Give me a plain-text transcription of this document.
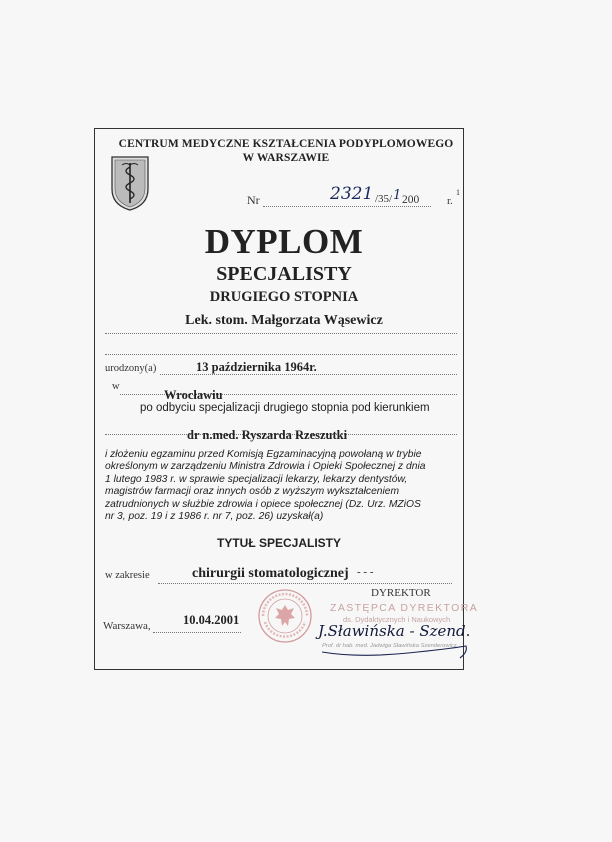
CENTRUM MEDYCZNE KSZTAŁCENIA PODYPLOMOWEGO
W WARSZAWIE
Nr	2321 /35/ 1 200	r.
1
DYPLOM
SPECJALISTY
DRUGIEGO STOPNIA
Lek. stom. Małgorzata Wąsewicz
urodzony(a)	13 października 1964r.
w
Wrocławiu
po odbyciu specjalizacji drugiego stopnia pod kierunkiem
dr n.med. Ryszarda Rzeszutki
i złożeniu egzaminu przed Komisją Egzaminacyjną powołaną w trybie
określonym w zarządzeniu Ministra Zdrowia i Opieki Społecznej z dnia
1 lutego 1983 r. w sprawie specjalizacji lekarzy, lekarzy dentystów,
magistrów farmacji oraz innych osób z wyższym wykształceniem
zatrudnionych w służbie zdrowia i opiece społecznej (Dz. Urz. MZiOS
nr 3, poz. 19 i z 1986 r. nr 7, poz. 26) uzyskał(a)
TYTUŁ SPECJALISTY
w zakresie	chirurgii stomatologicznej - - -
DYREKTOR
ZASTĘPCA DYREKTORA
ds. Dydaktycznych i Naukowych
J.Sławińska - Szend.
Prof. dr hab. med. Jadwiga Sławińska Szenderowicz
Warszawa,	10.04.2001
